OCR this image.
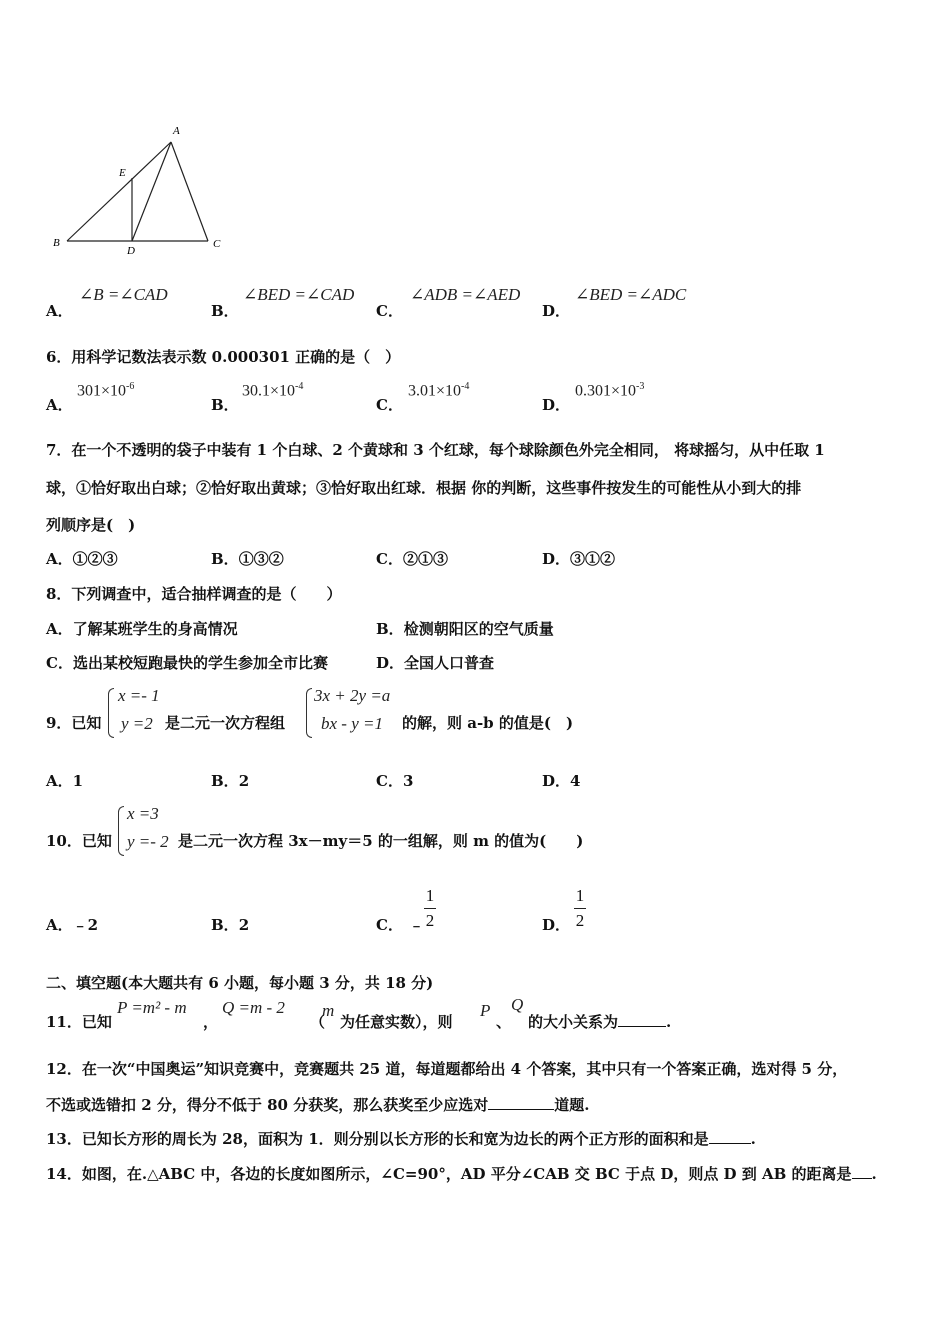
A
E
B
D
C
A．
∠B =∠CAD
B．
∠BED =∠CAD
C．
∠ADB =∠AED
D．
∠BED =∠ADC
6．用科学记数法表示数 0.000301 正确的是（　）
A．
$301\times 10^{-6}$
B．
$30.1\times 10^{-4}$
C．
$3.01\times 10^{-4}$
D．
$0.301\times 10^{-3}$
7．在一个不透明的袋子中装有 1 个白球、2 个黄球和 3 个红球，每个球除颜色外完全相同， 将球摇匀，从中任取 1
球，①恰好取出白球；②恰好取出黄球；③恰好取出红球．根据 你的判断，这些事件按发生的可能性从小到大的排
列顺序是(　)
A．①②③	B．①③②	C．②①③	D．③①②
8．下列调查中，适合抽样调查的是（　　）
A．了解某班学生的身高情况	B．检测朝阳区的空气质量
C．选出某校短跑最快的学生参加全市比赛	D．全国人口普查
9．已知
x =- 1
y =2 是二元一次方程组
3x + 2y =a
bx - y =1 的解，则 a-b 的值是(　)
A．1	B．2	C．3	D．4
10．已知
x =3
y =- 2 是二元一次方程 3x－my＝5 的一组解，则 m 的值为(　　)
A．﹣2	B．2	C． ﹣
1
2	D．
1
2
二、填空题(本大题共有 6 小题，每小题 3 分，共 18 分)
11．已知
P =m² - m
，
Q =m - 2
（
m
为任意实数），则
P
、
Q
的大小关系为	.
12．在一次“中国奥运”知识竞赛中，竞赛题共 25 道，每道题都给出 4 个答案，其中只有一个答案正确，选对得 5 分，
不选或选错扣 2 分，得分不低于 80 分获奖，那么获奖至少应选对	道题.
13．已知长方形的周长为 28，面积为 1．则分别以长方形的长和宽为边长的两个正方形的面积和是	.
14．如图，在.△ABC 中，各边的长度如图所示，∠C=90°，AD 平分∠CAB 交 BC 于点 D，则点 D 到 AB 的距离是 .
